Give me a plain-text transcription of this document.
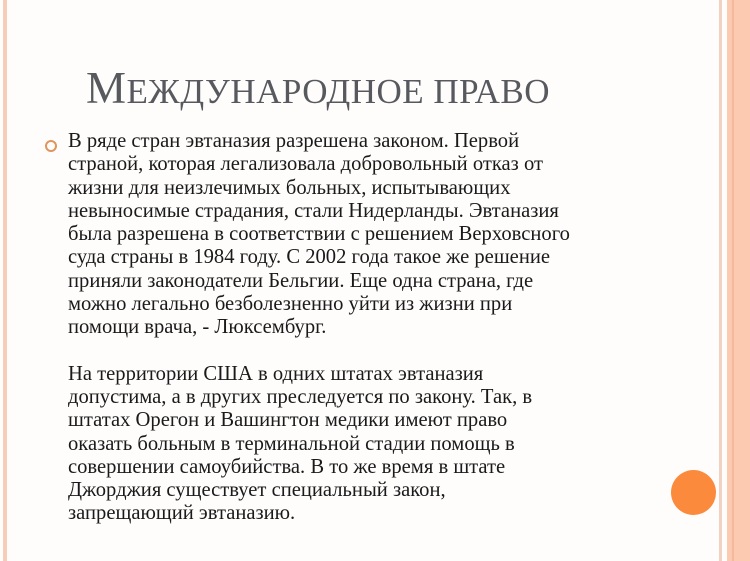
МЕЖДУНАРОДНОЕ ПРАВО

В ряде стран эвтаназия разрешена законом. Первой
страной, которая легализовала добровольный отказ от
жизни для неизлечимых больных, испытывающих
невыносимые страдания, стали Нидерланды. Эвтаназия
была разрешена в соответствии с решением Верховсного
суда страны в 1984 году. С 2002 года такое же решение
приняли законодатели Бельгии. Еще одна страна, где
можно легально безболезненно уйти из жизни при
помощи врача, - Люксембург.

На территории США в одних штатах эвтаназия
допустима, а в других преследуется по закону. Так, в
штатах Орегон и Вашингтон медики имеют право
оказать больным в терминальной стадии помощь в
совершении самоубийства. В то же время в штате
Джорджия существует специальный закон,
запрещающий эвтаназию.
